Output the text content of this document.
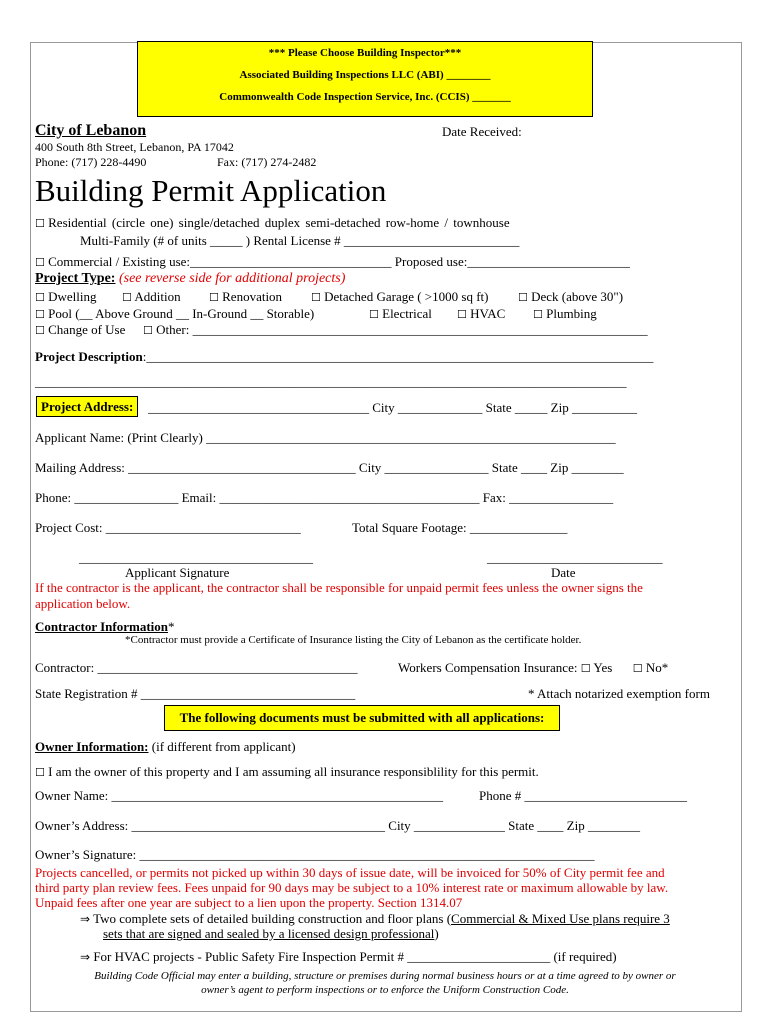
*** Please Choose Building Inspector***
Associated Building Inspections LLC (ABI) ________
Commonwealth Code Inspection Service, Inc. (CCIS) _______
City of Lebanon	Date Received:
400 South 8th Street, Lebanon, PA 17042
Phone: (717) 228-4490	Fax: (717) 274-2482
Building Permit Application
☐ Residential (circle one) single/detached duplex semi-detached row-home / townhouse
Multi-Family (# of units _____ ) Rental License # ___________________________
☐ Commercial / Existing use:_______________________________ Proposed use:_________________________
Project Type: (see reverse side for additional projects)
☐ Dwelling ☐ Addition	☐ Renovation	☐ Detached Garage ( >1000 sq ft)	☐ Deck (above 30")
☐ Pool (__ Above Ground __ In-Ground __ Storable)	☐ Electrical ☐ HVAC	☐ Plumbing
☐ Change of Use ☐ Other: ______________________________________________________________________
Project Description:______________________________________________________________________________
___________________________________________________________________________________________
Project Address:	__________________________________ City _____________ State _____ Zip __________
Applicant Name: (Print Clearly) _______________________________________________________________
Mailing Address: ___________________________________ City ________________ State ____ Zip ________
Phone: ________________ Email: ________________________________________ Fax: ________________
Project Cost: ______________________________	Total Square Footage: _______________
____________________________________	___________________________
Applicant Signature	Date
If the contractor is the applicant, the contractor shall be responsible for unpaid permit fees unless the owner signs the
application below.
Contractor Information*
*Contractor must provide a Certificate of Insurance listing the City of Lebanon as the certificate holder.
Contractor: ________________________________________	Workers Compensation Insurance: ☐ Yes ☐ No*
State Registration # _________________________________	* Attach notarized exemption form
The following documents must be submitted with all applications:
Owner Information: (if different from applicant)
☐ I am the owner of this property and I am assuming all insurance responsiblility for this permit.
Owner Name: ___________________________________________________	Phone # _________________________
Owner’s Address: _______________________________________ City ______________ State ____ Zip ________
Owner’s Signature: ______________________________________________________________________
Projects cancelled, or permits not picked up within 30 days of issue date, will be invoiced for 50% of City permit fee and
third party plan review fees. Fees unpaid for 90 days may be subject to a 10% interest rate or maximum allowable by law.
Unpaid fees after one year are subject to a lien upon the property. Section 1314.07
⇒ Two complete sets of detailed building construction and floor plans (Commercial & Mixed Use plans require 3
sets that are signed and sealed by a licensed design professional)
⇒ For HVAC projects - Public Safety Fire Inspection Permit # ______________________ (if required)
Building Code Official may enter a building, structure or premises during normal business hours or at a time agreed to by owner or
owner’s agent to perform inspections or to enforce the Uniform Construction Code.
